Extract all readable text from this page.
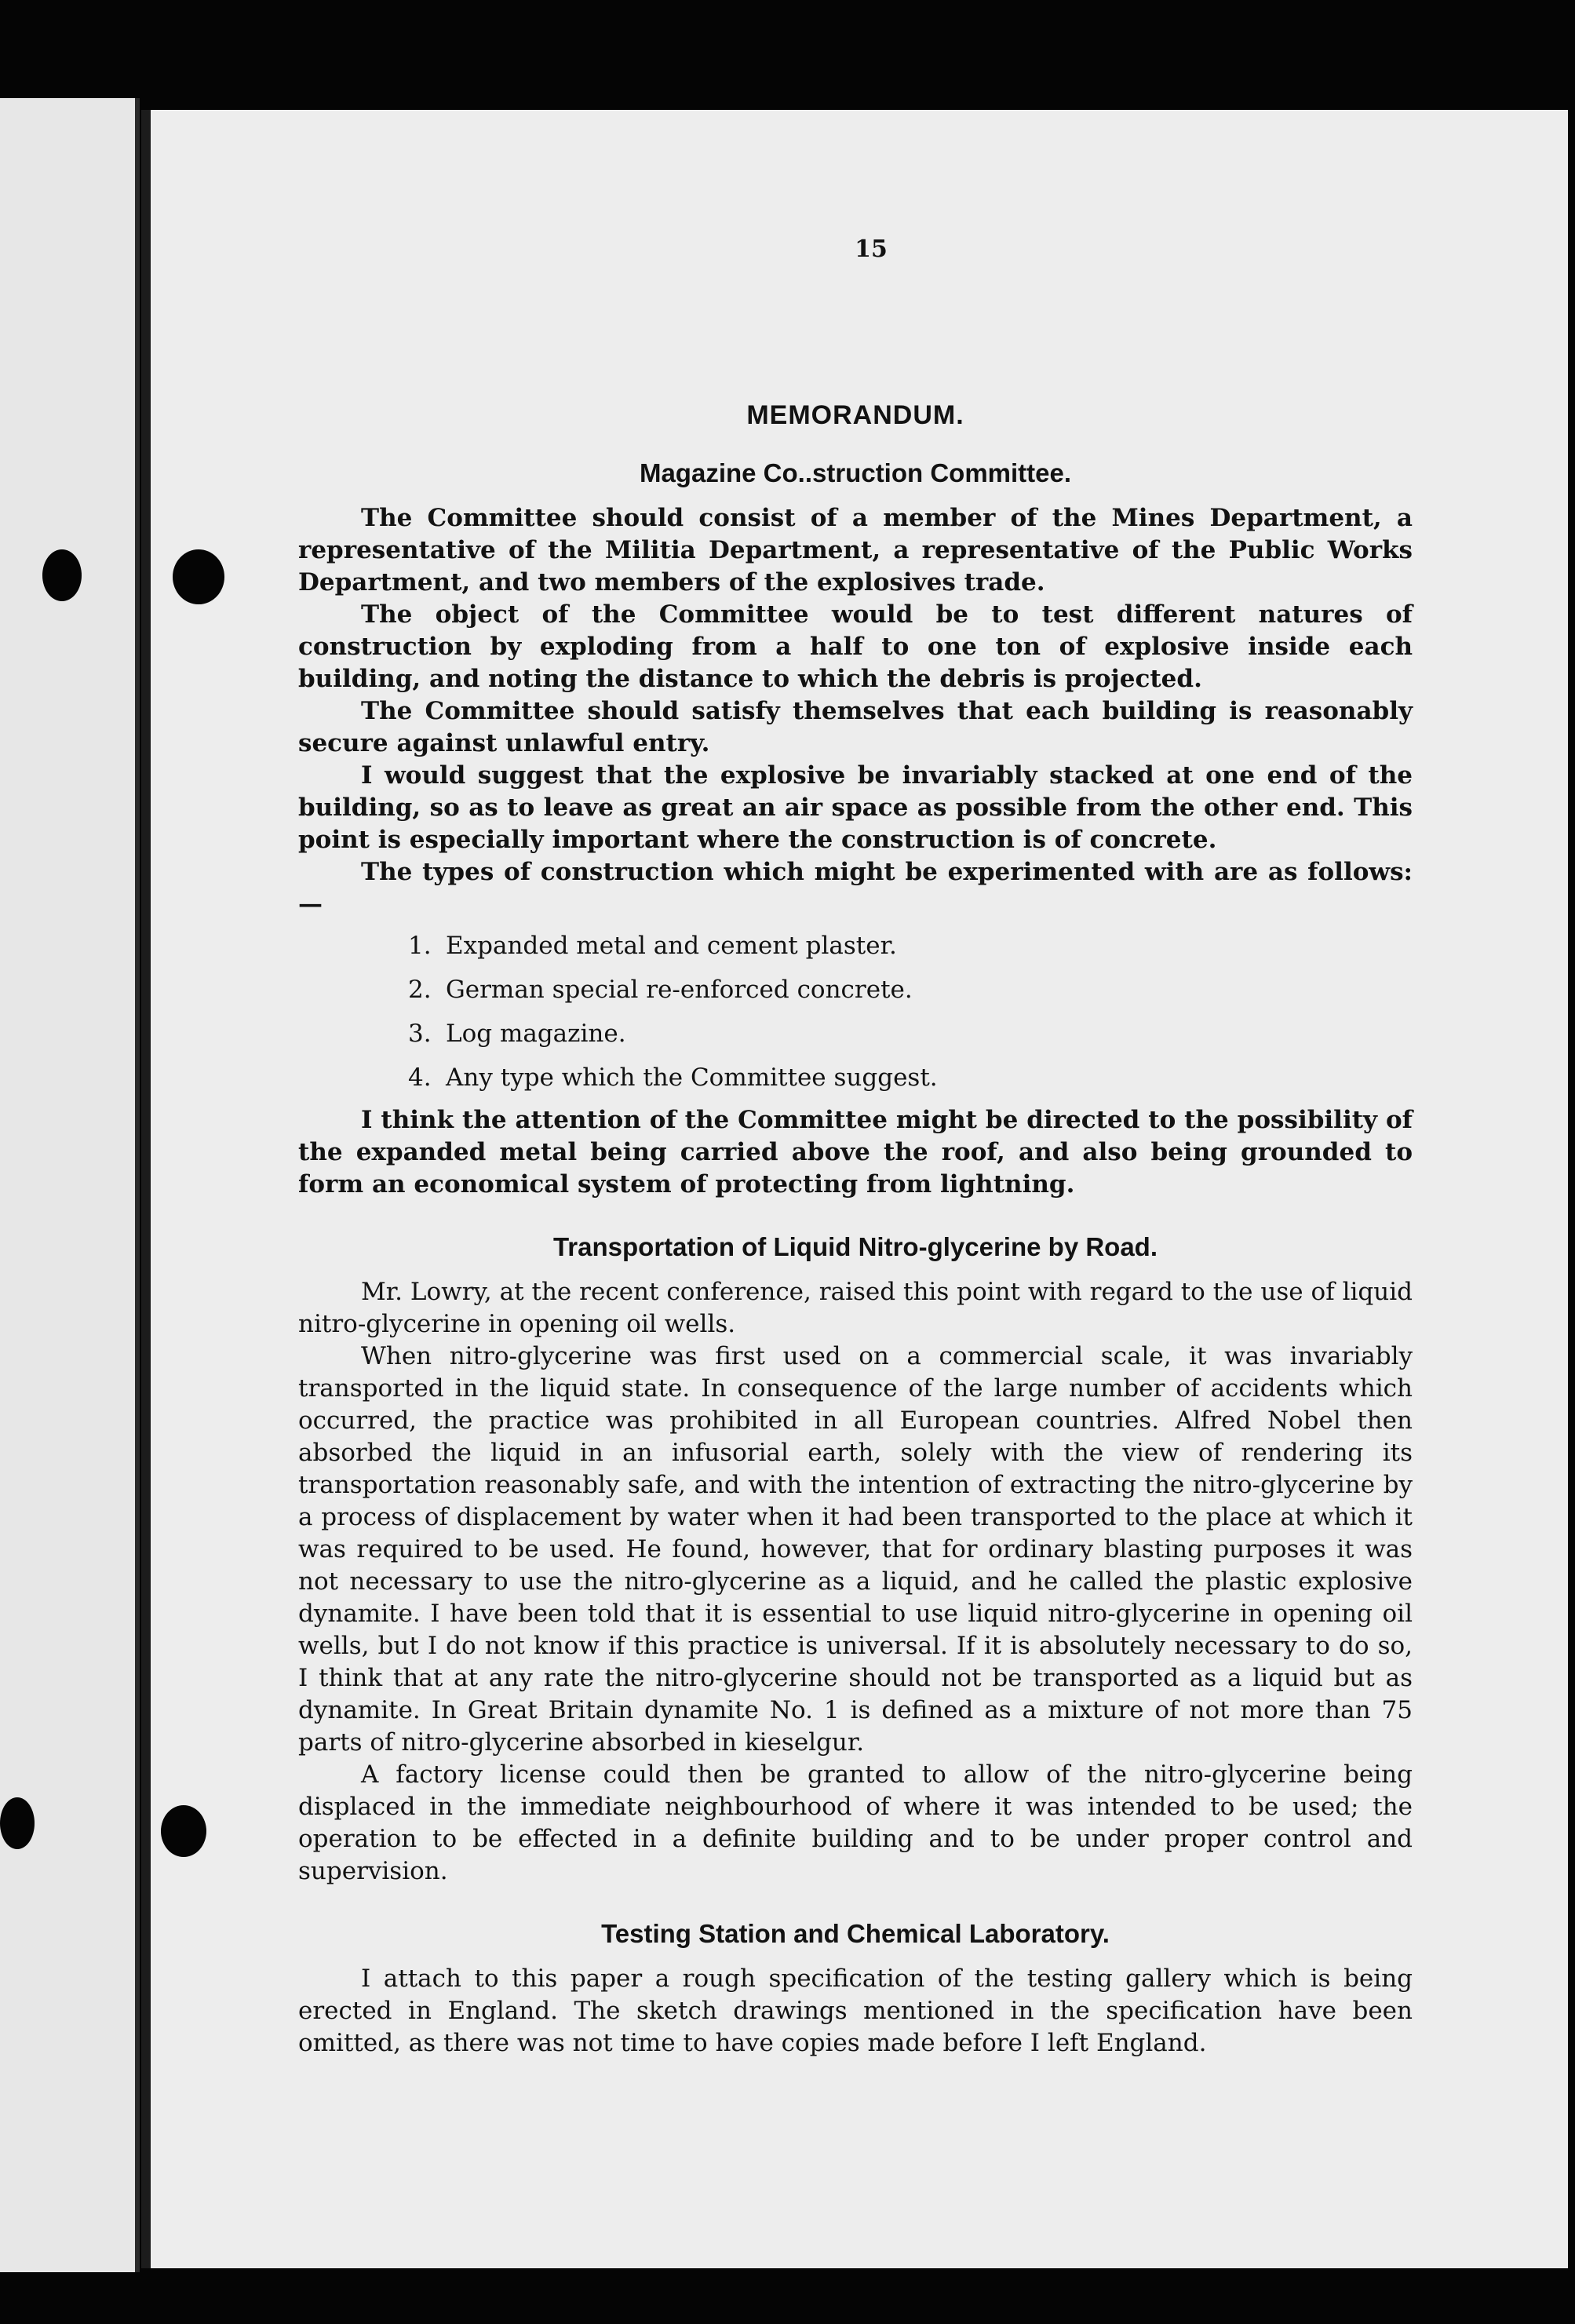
15
MEMORANDUM.
Magazine Co..struction Committee.

The Committee should consist of a member of the Mines Department, a representative of the Militia Department, a representative of the Public Works Department, and two members of the explosives trade.

The object of the Committee would be to test different natures of construction by exploding from a half to one ton of explosive inside each building, and noting the distance to which the debris is projected.

The Committee should satisfy themselves that each building is reasonably secure against unlawful entry.

I would suggest that the explosive be invariably stacked at one end of the building, so as to leave as great an air space as possible from the other end. This point is especially important where the construction is of concrete.

The types of construction which might be experimented with are as follows:—

1. Expanded metal and cement plaster.
2. German special re-enforced concrete.
3. Log magazine.
4. Any type which the Committee suggest.

I think the attention of the Committee might be directed to the possibility of the expanded metal being carried above the roof, and also being grounded to form an economical system of protecting from lightning.

Transportation of Liquid Nitro-glycerine by Road.

Mr. Lowry, at the recent conference, raised this point with regard to the use of liquid nitro-glycerine in opening oil wells.

When nitro-glycerine was first used on a commercial scale, it was invariably transported in the liquid state. In consequence of the large number of accidents which occurred, the practice was prohibited in all European countries. Alfred Nobel then absorbed the liquid in an infusorial earth, solely with the view of rendering its transportation reasonably safe, and with the intention of extracting the nitro-glycerine by a process of displacement by water when it had been transported to the place at which it was required to be used. He found, however, that for ordinary blasting purposes it was not necessary to use the nitro-glycerine as a liquid, and he called the plastic explosive dynamite. I have been told that it is essential to use liquid nitro-glycerine in opening oil wells, but I do not know if this practice is universal. If it is absolutely necessary to do so, I think that at any rate the nitro-glycerine should not be transported as a liquid but as dynamite. In Great Britain dynamite No. 1 is defined as a mixture of not more than 75 parts of nitro-glycerine absorbed in kieselgur.

A factory license could then be granted to allow of the nitro-glycerine being displaced in the immediate neighbourhood of where it was intended to be used; the operation to be effected in a definite building and to be under proper control and supervision.

Testing Station and Chemical Laboratory.

I attach to this paper a rough specification of the testing gallery which is being erected in England. The sketch drawings mentioned in the specification have been omitted, as there was not time to have copies made before I left England.
